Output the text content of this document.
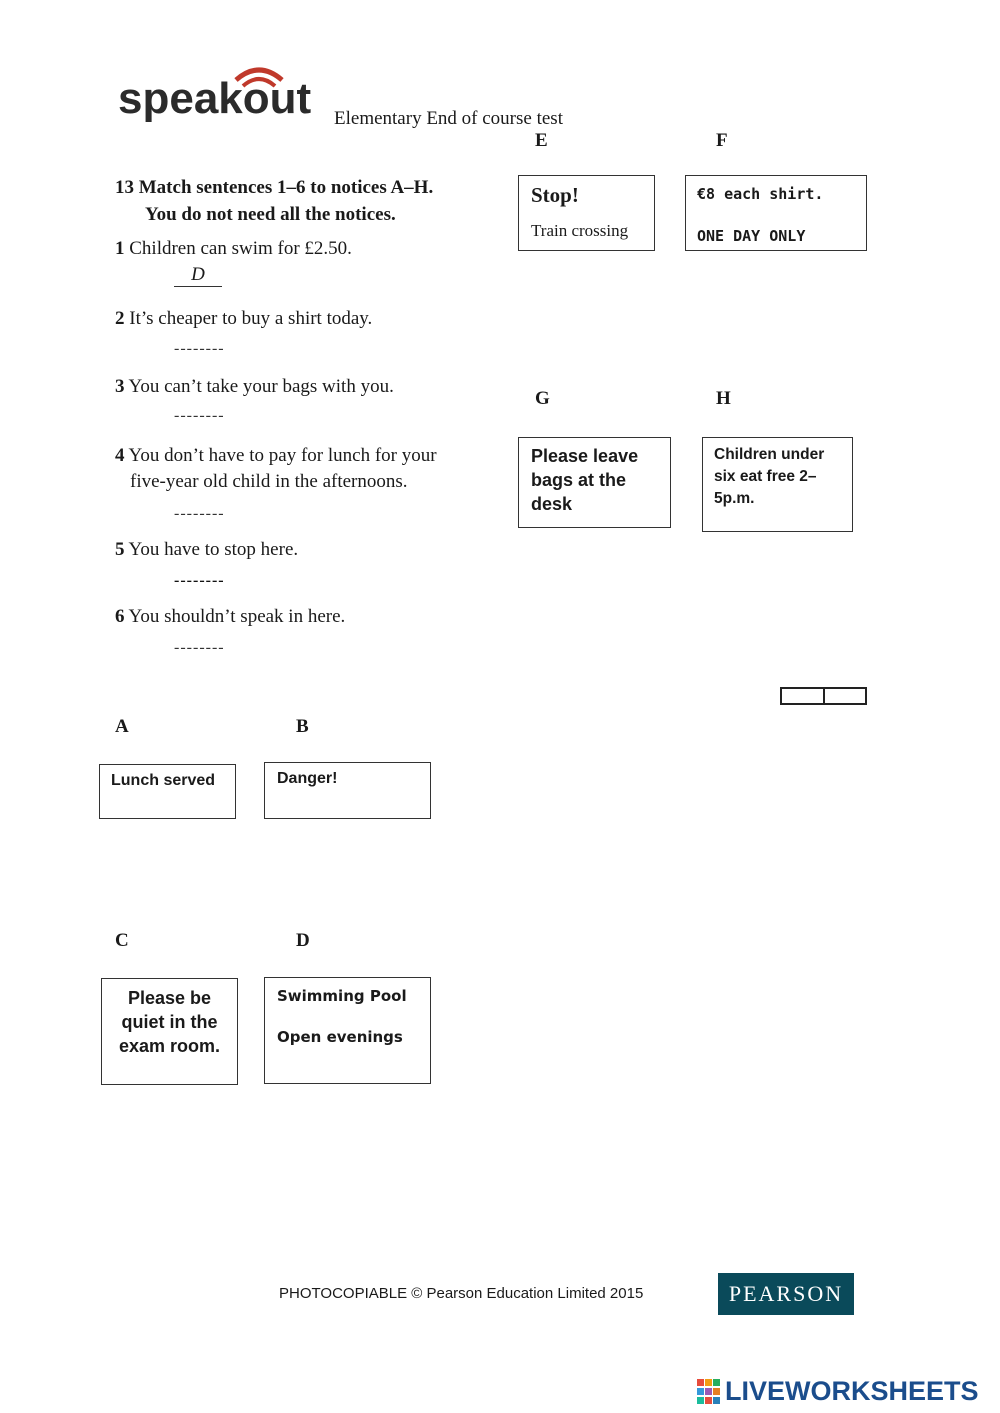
speakout Elementary End of course test
13 Match sentences 1–6 to notices A–H.
You do not need all the notices.
1 Children can swim for £2.50.
D
2 It’s cheaper to buy a shirt today.
--------
3 You can’t take your bags with you.
--------
4 You don’t have to pay for lunch for your
five-year old child in the afternoons.
--------
5 You have to stop here.
--------
6 You shouldn’t speak in here.
--------
A	B
C	D
E	F
G	H
Lunch served	Danger!
Please be
quiet in the
exam room.
Swimming Pool
Open evenings
Stop!
Train crossing
€8 each shirt.
ONE DAY ONLY
Please leave
bags at the
desk
Children under
six eat free 2–
5p.m.
PHOTOCOPIABLE © Pearson Education Limited 2015	PEARSON
LIVEWORKSHEETS
